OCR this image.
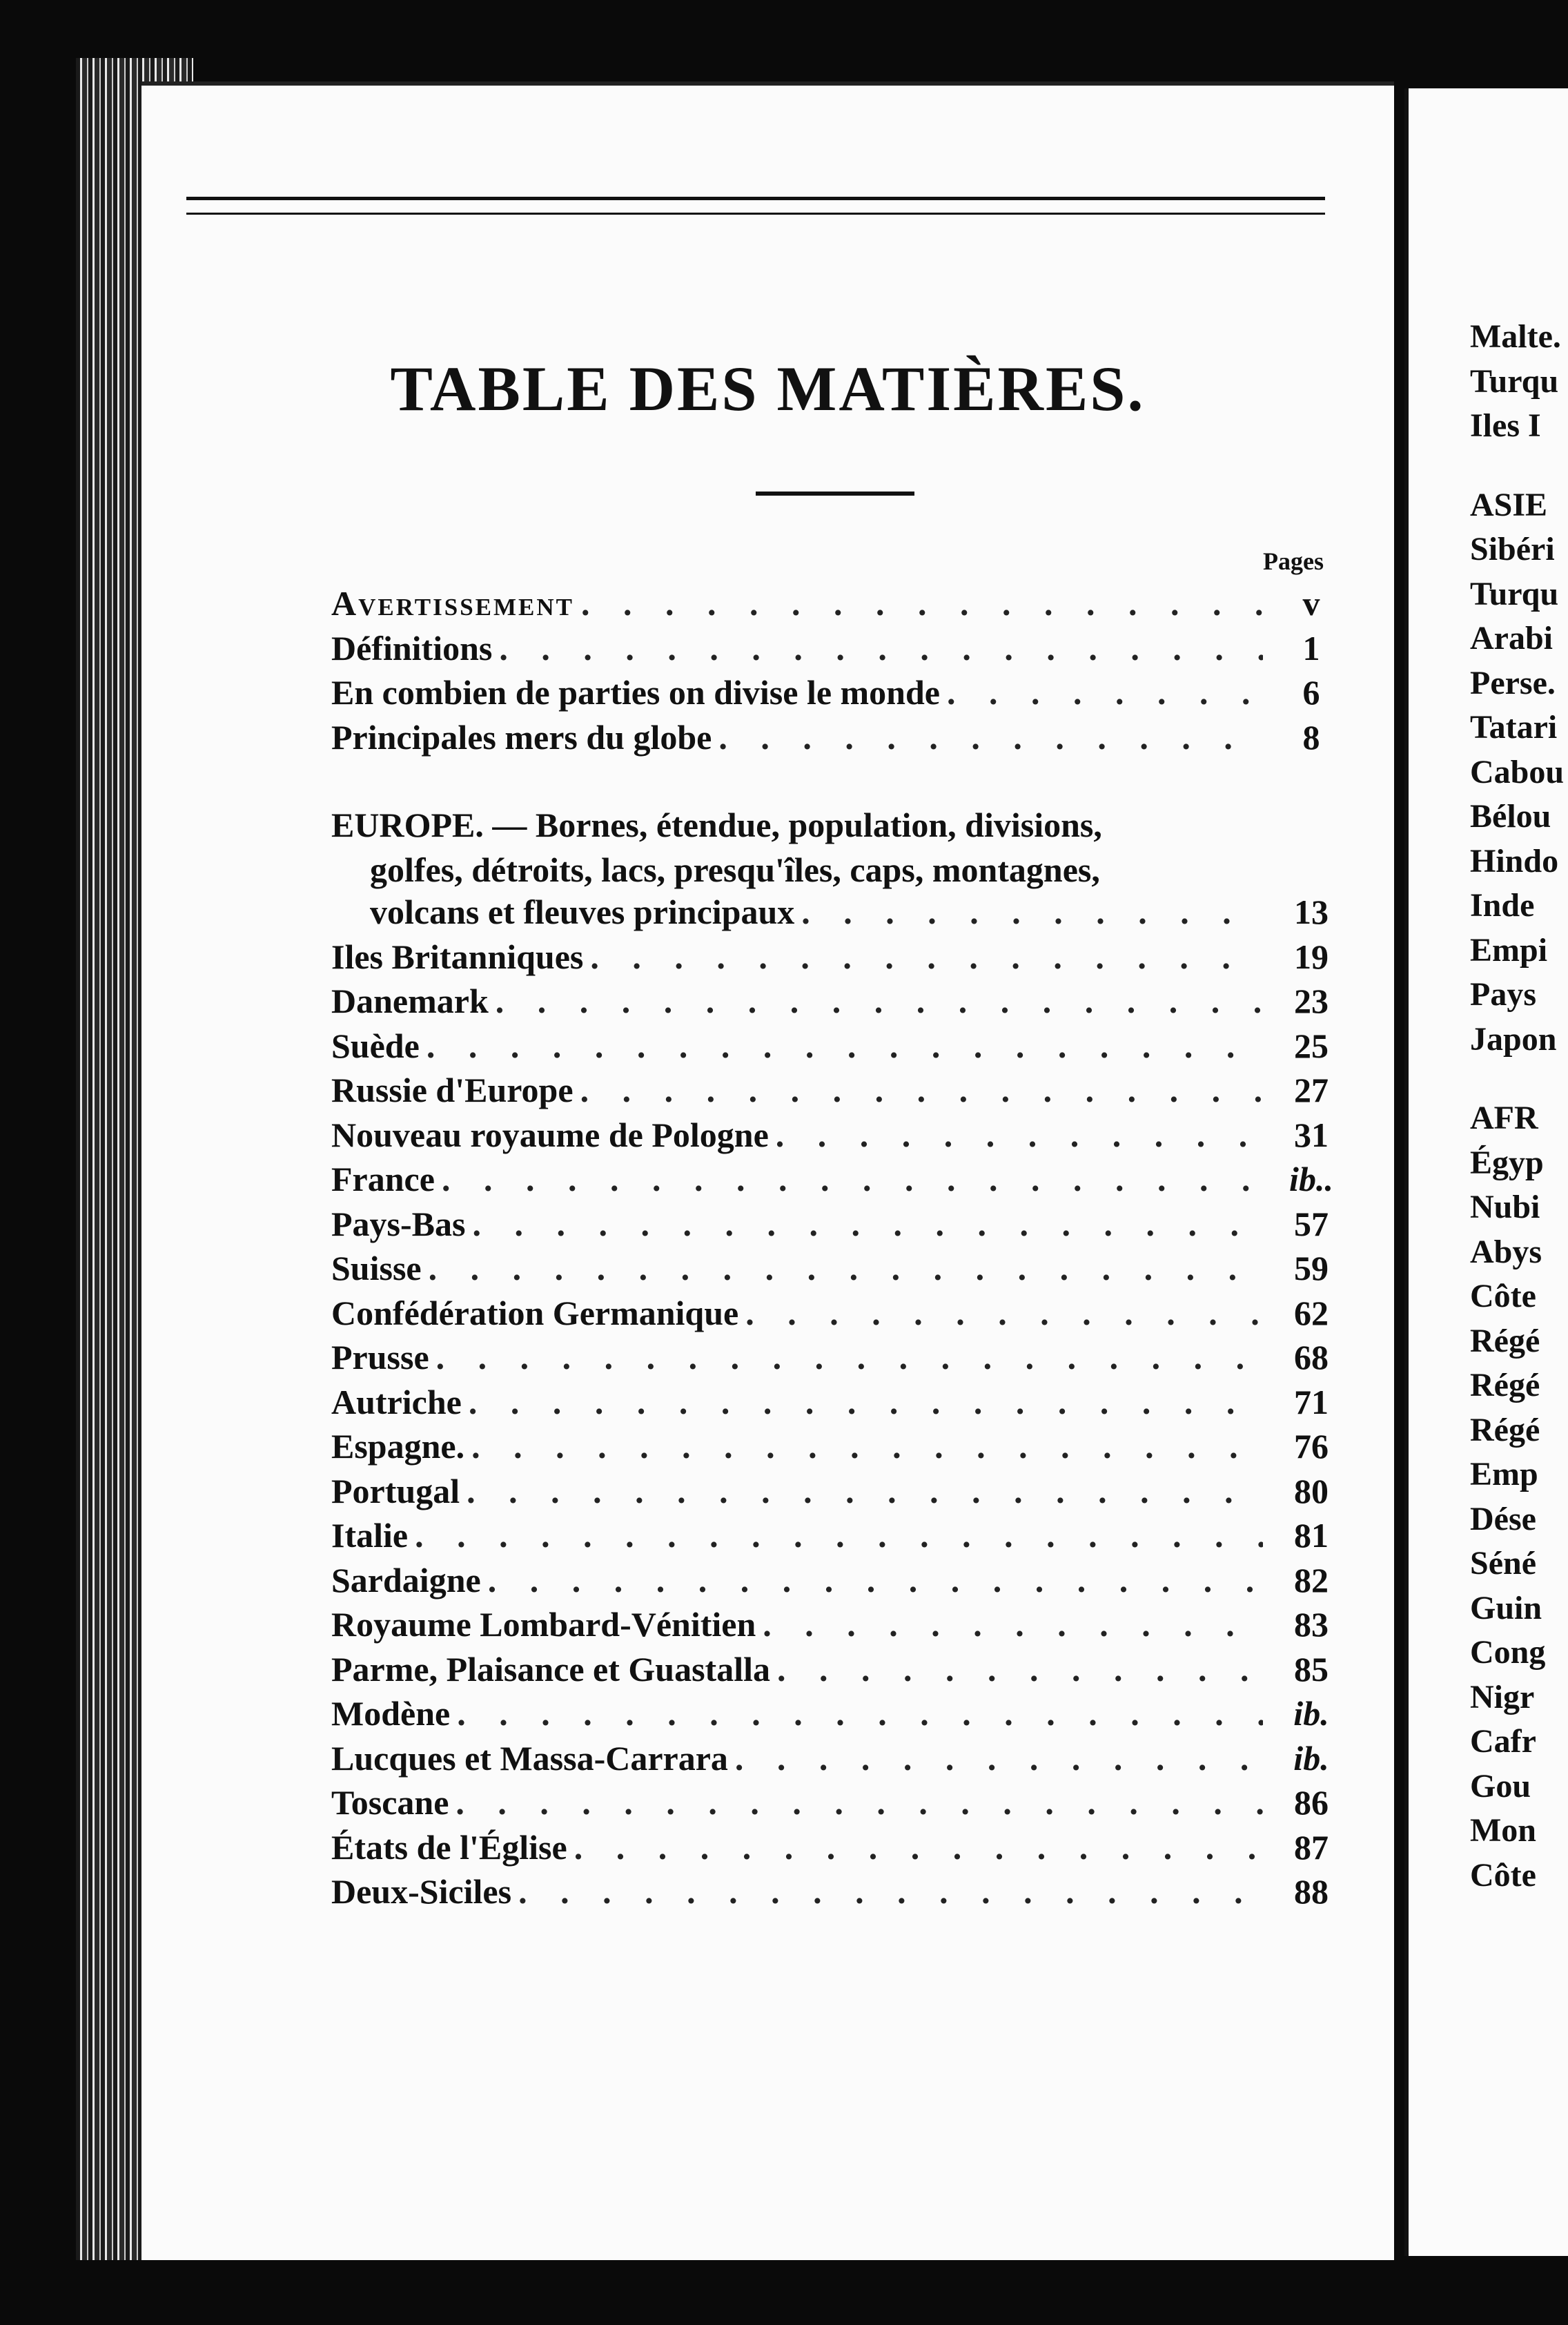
TABLE DES MATIÈRES.
Pages
Avertissement . . .	v
Définitions . . .	1
En combien de parties on divise le monde . . .	6
Principales mers du globe . . .	8
EUROPE. — Bornes, étendue, population, divisions,
golfes, détroits, lacs, presqu'îles, caps, montagnes,
volcans et fleuves principaux . . .	13
Iles Britanniques . . .	19
Danemark . . .	23
Suède . . .	25
Russie d'Europe . . .	27
Nouveau royaume de Pologne . . .	31
France . . .	ib..
Pays-Bas . . .	57
Suisse . . .	59
Confédération Germanique . . .	62
Prusse . . .	68
Autriche . . .	71
Espagne. . . .	76
Portugal . . .	80
Italie . . .	81
Sardaigne . . .	82
Royaume Lombard-Vénitien . . .	83
Parme, Plaisance et Guastalla . . .	85
Modène . . .	ib.
Lucques et Massa-Carrara . . .	ib.
Toscane . . .	86
États de l'Église . . .	87
Deux-Siciles . . .	88
Malte.
Turqu
Iles I
ASIE
Sibéri
Turqu
Arabi
Perse.
Tatari
Cabou
Bélou
Hindo
Inde
Empi
Pays
Japon
AFR
Égyp
Nubi
Abys
Côte
Régé
Régé
Régé
Emp
Dése
Séné
Guin
Cong
Nigr
Cafr
Gou
Mon
Côte
